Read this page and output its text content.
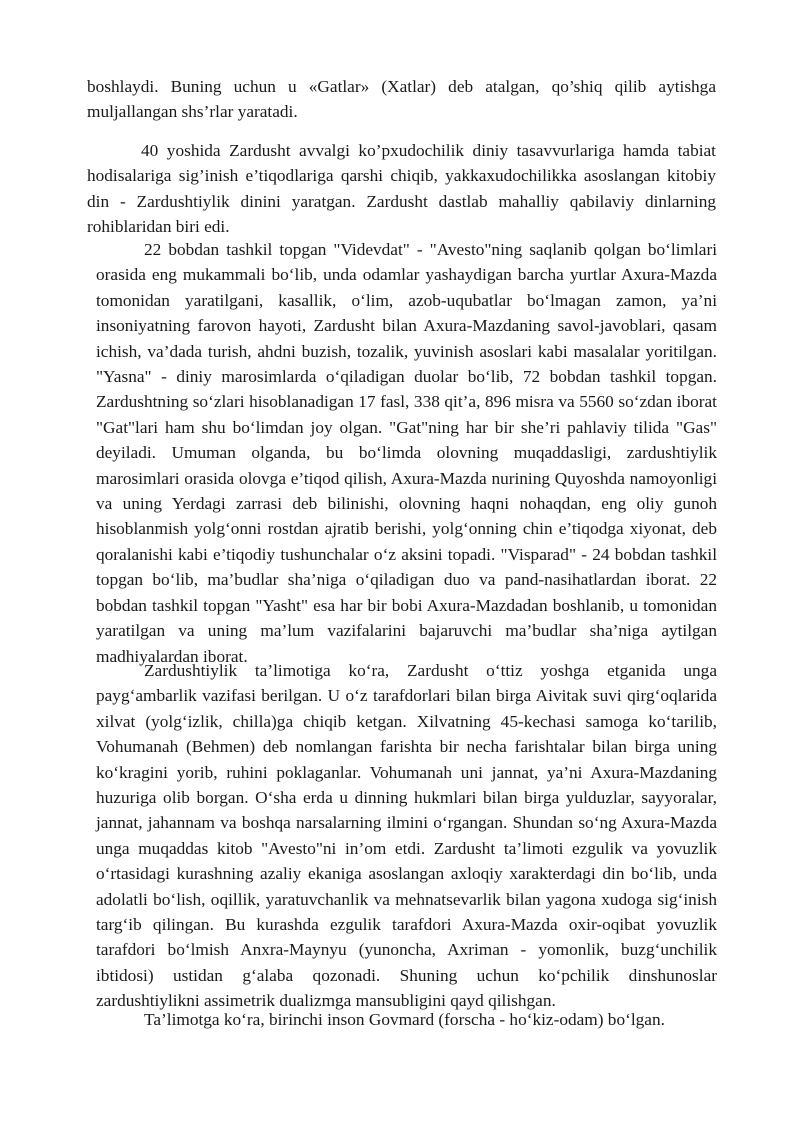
boshlaydi. Buning uchun u «Gatlar» (Xatlar) deb atalgan, qo’shiq qilib aytishga muljallangan shs’rlar yaratadi.

40 yoshida Zardusht avvalgi ko’pxudochilik diniy tasavvurlariga hamda tabiat hodisalariga sig’inish e’tiqodlariga qarshi chiqib, yakkaxudochilikka asoslangan kitobiy din - Zardushtiylik dinini yaratgan. Zardusht dastlab mahalliy qabilaviy dinlarning rohiblaridan biri edi.

22 bobdan tashkil topgan "Videvdat" - "Avesto"ning saqlanib qolgan bo‘limlari orasida eng mukammali bo‘lib, unda odamlar yashaydigan barcha yurtlar Axura-Mazda tomonidan yaratilgani, kasallik, o‘lim, azob-uqubatlar bo‘lmagan zamon, ya’ni insoniyatning farovon hayoti, Zardusht bilan Axura-Mazdaning savol-javoblari, qasam ichish, va’dada turish, ahdni buzish, tozalik, yuvinish asoslari kabi masalalar yoritilgan. "Yasna" - diniy marosimlarda o‘qiladigan duolar bo‘lib, 72 bobdan tashkil topgan. Zardushtning so‘zlari hisoblanadigan 17 fasl, 338 qit’a, 896 misra va 5560 so‘zdan iborat "Gat"lari ham shu bo‘limdan joy olgan. "Gat"ning har bir she’ri pahlaviy tilida "Gas" deyiladi. Umuman olganda, bu bo‘limda olovning muqaddasligi, zardushtiylik marosimlari orasida olovga e’tiqod qilish, Axura-Mazda nurining Quyoshda namoyonligi va uning Yerdagi zarrasi deb bilinishi, olovning haqni nohaqdan, eng oliy gunoh hisoblanmish yolg‘onni rostdan ajratib berishi, yolg‘onning chin e’tiqodga xiyonat, deb qoralanishi kabi e’tiqodiy tushunchalar o‘z aksini topadi. "Visparad" - 24 bobdan tashkil topgan bo‘lib, ma’budlar sha’niga o‘qiladigan duo va pand-nasihatlardan iborat. 22 bobdan tashkil topgan "Yasht" esa har bir bobi Axura-Mazdadan boshlanib, u tomonidan yaratilgan va uning ma’lum vazifalarini bajaruvchi ma’budlar sha’niga aytilgan madhiyalardan iborat.

Zardushtiylik ta’limotiga ko‘ra, Zardusht o‘ttiz yoshga etganida unga payg‘ambarlik vazifasi berilgan. U o‘z tarafdorlari bilan birga Aivitak suvi qirg‘oqlarida xilvat (yolg‘izlik, chilla)ga chiqib ketgan. Xilvatning 45-kechasi samoga ko‘tarilib, Vohumanah (Behmen) deb nomlangan farishta bir necha farishtalar bilan birga uning ko‘kragini yorib, ruhini poklaganlar. Vohumanah uni jannat, ya’ni Axura-Mazdaning huzuriga olib borgan. O‘sha erda u dinning hukmlari bilan birga yulduzlar, sayyoralar, jannat, jahannam va boshqa narsalarning ilmini o‘rgangan. Shundan so‘ng Axura-Mazda unga muqaddas kitob "Avesto"ni in’om etdi. Zardusht ta’limoti ezgulik va yovuzlik o‘rtasidagi kurashning azaliy ekaniga asoslangan axloqiy xarakterdagi din bo‘lib, unda adolatli bo‘lish, oqillik, yaratuvchanlik va mehnatsevarlik bilan yagona xudoga sig‘inish targ‘ib qilingan. Bu kurashda ezgulik tarafdori Axura-Mazda oxir-oqibat yovuzlik tarafdori bo‘lmish Anxra-Maynyu (yunoncha, Axriman - yomonlik, buzg‘unchilik ibtidosi) ustidan g‘alaba qozonadi. Shuning uchun ko‘pchilik dinshunoslar zardushtiylikni assimetrik dualizmga mansubligini qayd qilishgan.

Ta’limotga ko‘ra, birinchi inson Govmard (forscha - ho‘kiz-odam) bo‘lgan.
